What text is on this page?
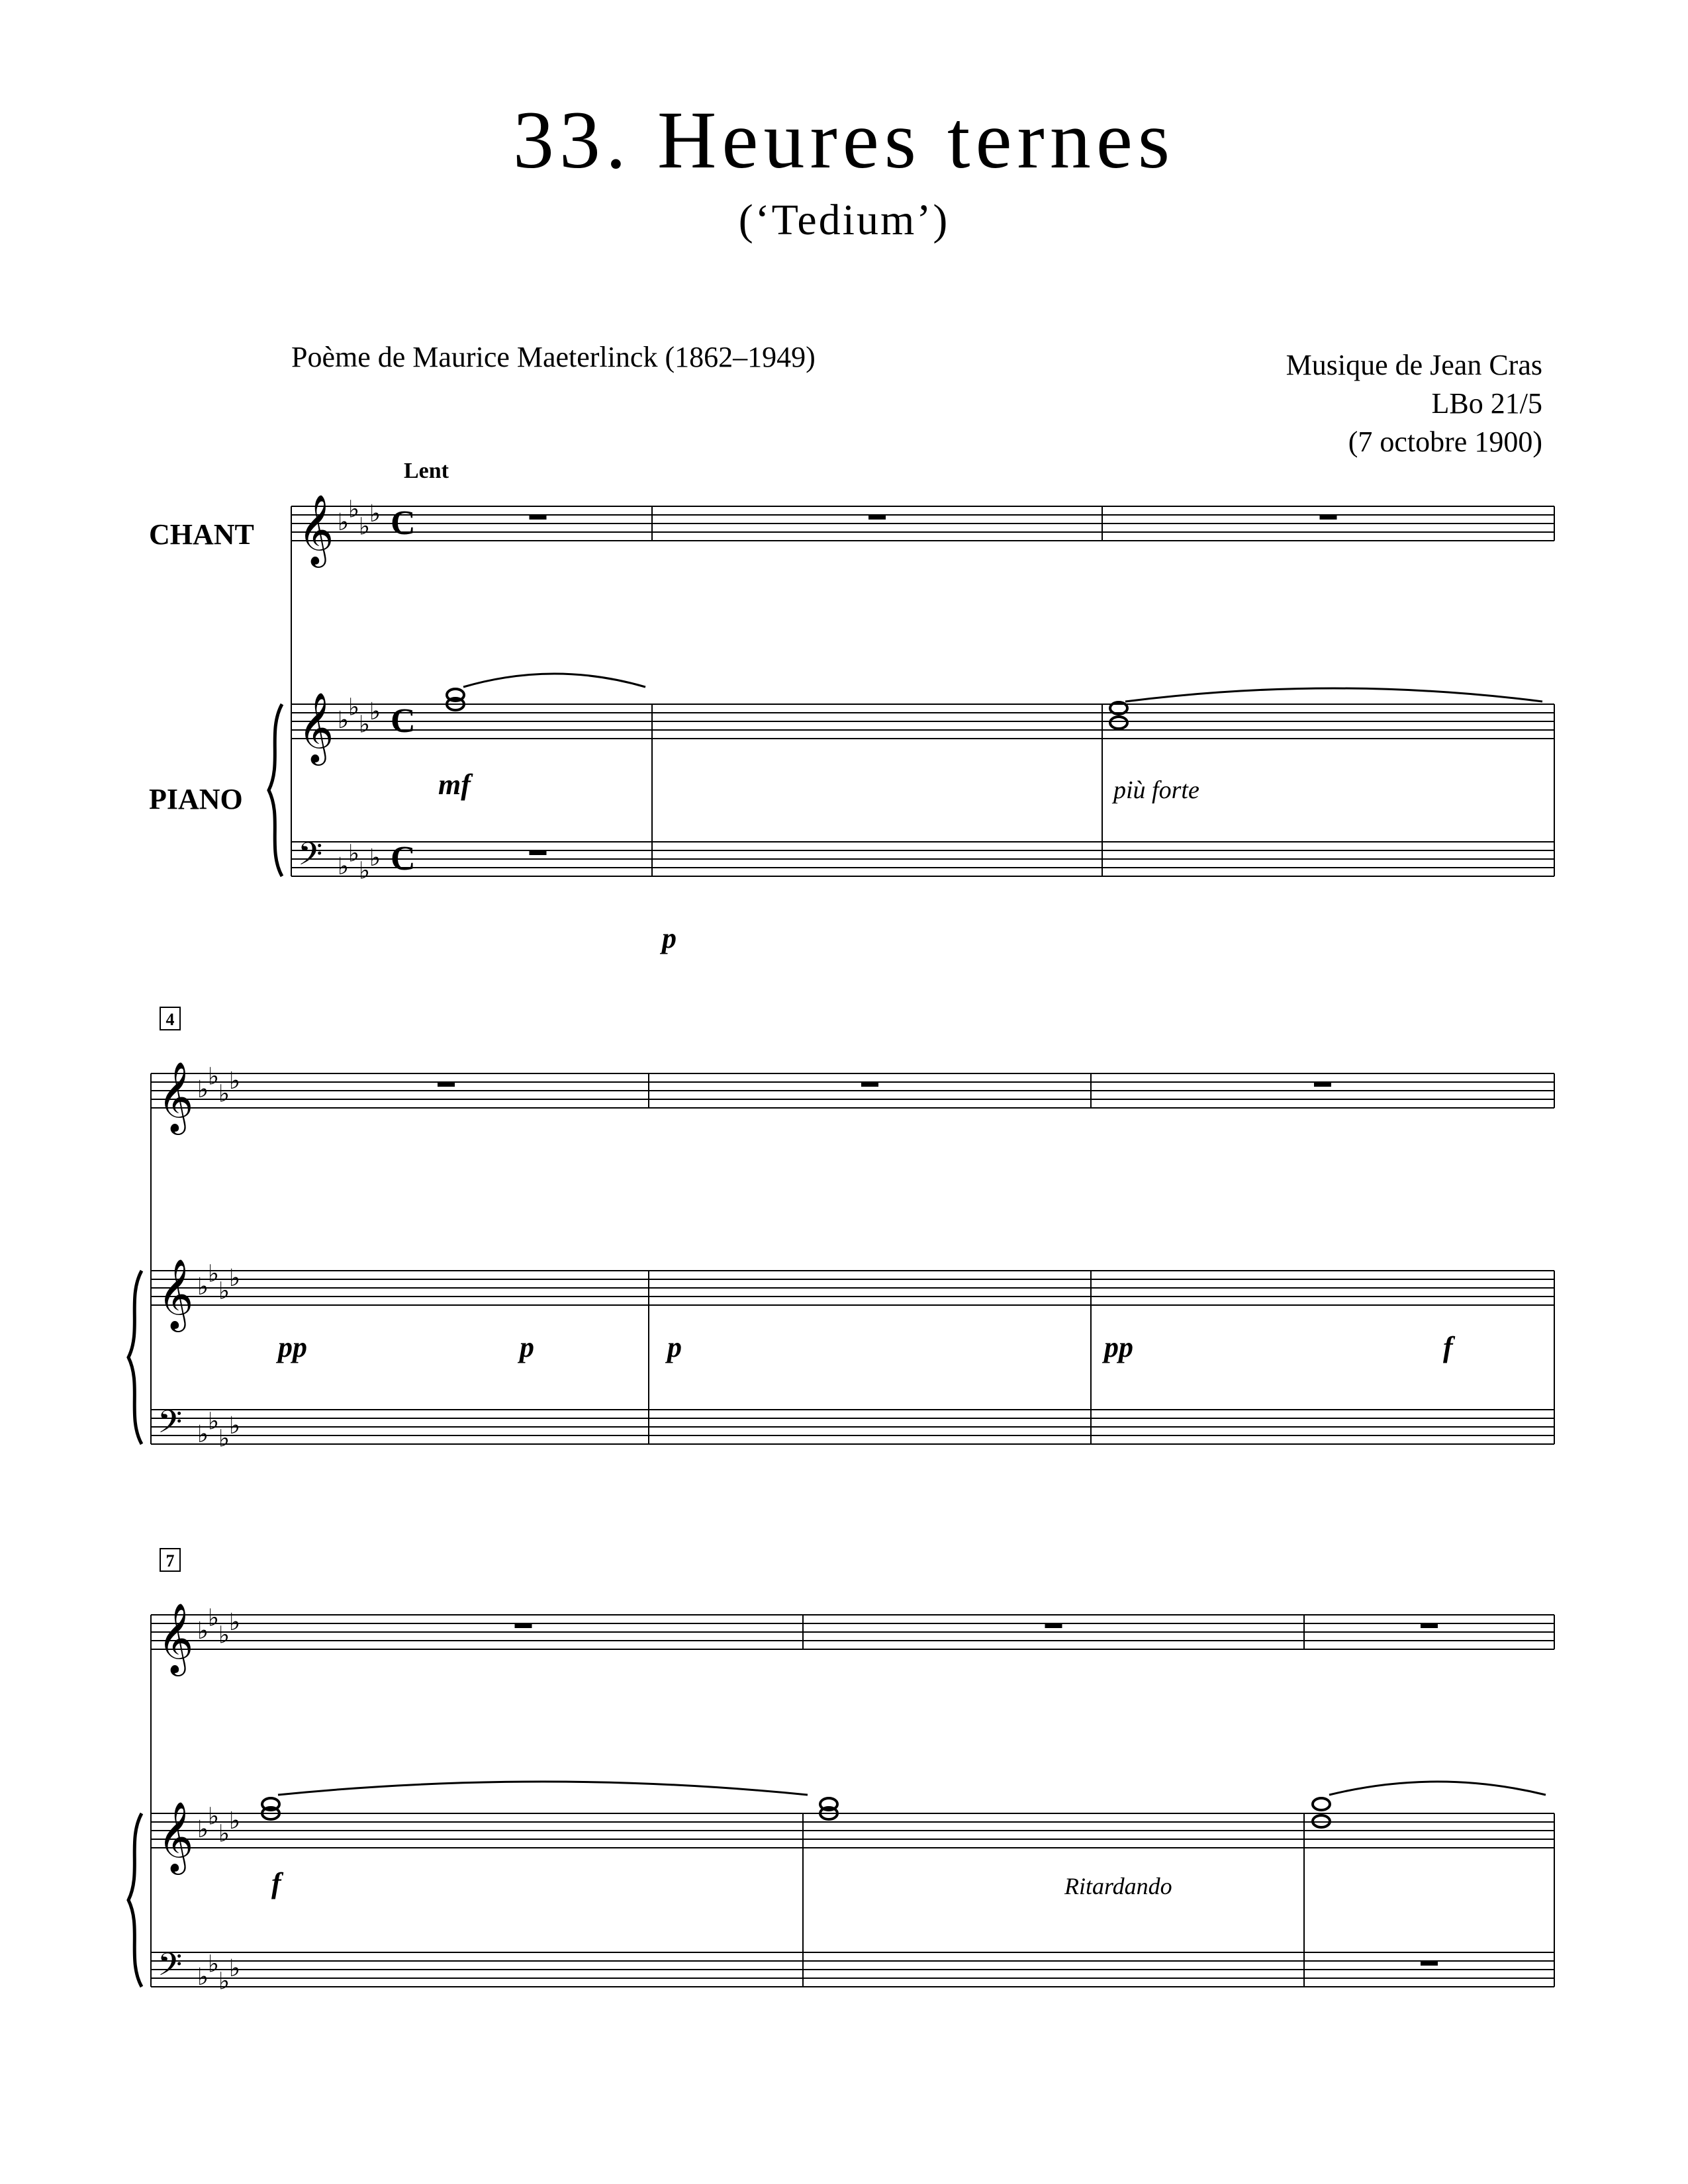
33. Heures ternes
(‘Tedium’)
Poème de Maurice Maeterlinck (1862–1949)	Musique de Jean Cras
LBo 21/5
(7 octobre 1900)
𝄞 ♭ ♭
♭ ♭ C
𝄞 ♭ ♭
♭ ♭ C
𝄢 ♭ ♭
♭ ♭ C
𝄞 ♭ ♭
♭ ♭
𝄞 ♭ ♭
♭ ♭
𝄢 ♭ ♭
♭ ♭
𝄞 ♭ ♭
♭ ♭
𝄞 ♭ ♭
♭ ♭
𝄢 ♭ ♭
♭ ♭
Lent
CHANT
PIANO	mf
p
più forte
4
pp	p	p	pp	f
7
f	Ritardando
